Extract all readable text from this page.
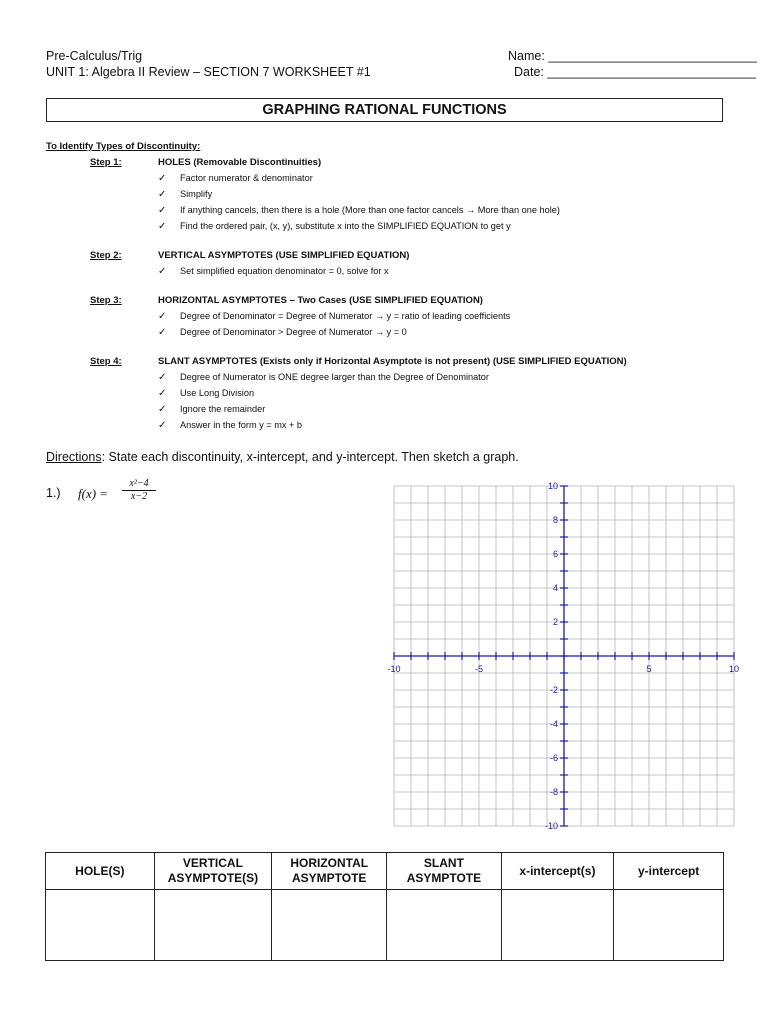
Pre-Calculus/Trig
UNIT 1: Algebra II Review – SECTION 7 WORKSHEET #1
Name: ______________________________
Date: ______________________________
GRAPHING RATIONAL FUNCTIONS
To Identify Types of Discontinuity:
Step 1:	HOLES (Removable Discontinuities)
✓	Factor numerator & denominator
✓	Simplify
✓	If anything cancels, then there is a hole (More than one factor cancels → More than one hole)
✓	Find the ordered pair, (x, y), substitute x into the SIMPLIFIED EQUATION to get y
Step 2:	VERTICAL ASYMPTOTES (USE SIMPLIFIED EQUATION)
✓	Set simplified equation denominator = 0, solve for x
Step 3:	HORIZONTAL ASYMPTOTES – Two Cases (USE SIMPLIFIED EQUATION)
✓	Degree of Denominator = Degree of Numerator → y = ratio of leading coefficients
✓	Degree of Denominator > Degree of Numerator → y = 0
Step 4:	SLANT ASYMPTOTES (Exists only if Horizontal Asymptote is not present) (USE SIMPLIFIED EQUATION)
✓	Degree of Numerator is ONE degree larger than the Degree of Denominator
✓	Use Long Division
✓	Ignore the remainder
✓	Answer in the form y = mx + b
Directions: State each discontinuity, x-intercept, and y-intercept. Then sketch a graph.
1.) $f(x) = \frac{\text{x²−4}}{x-2}$
-10	-5	5	10
10
8
6
4
2
-2
-4
-6
-8
-10
HOLE(S)	VERTICAL ASYMPTOTE(S)	HORIZONTAL ASYMPTOTE	SLANT ASYMPTOTE	x-intercept(s)	y-intercept
